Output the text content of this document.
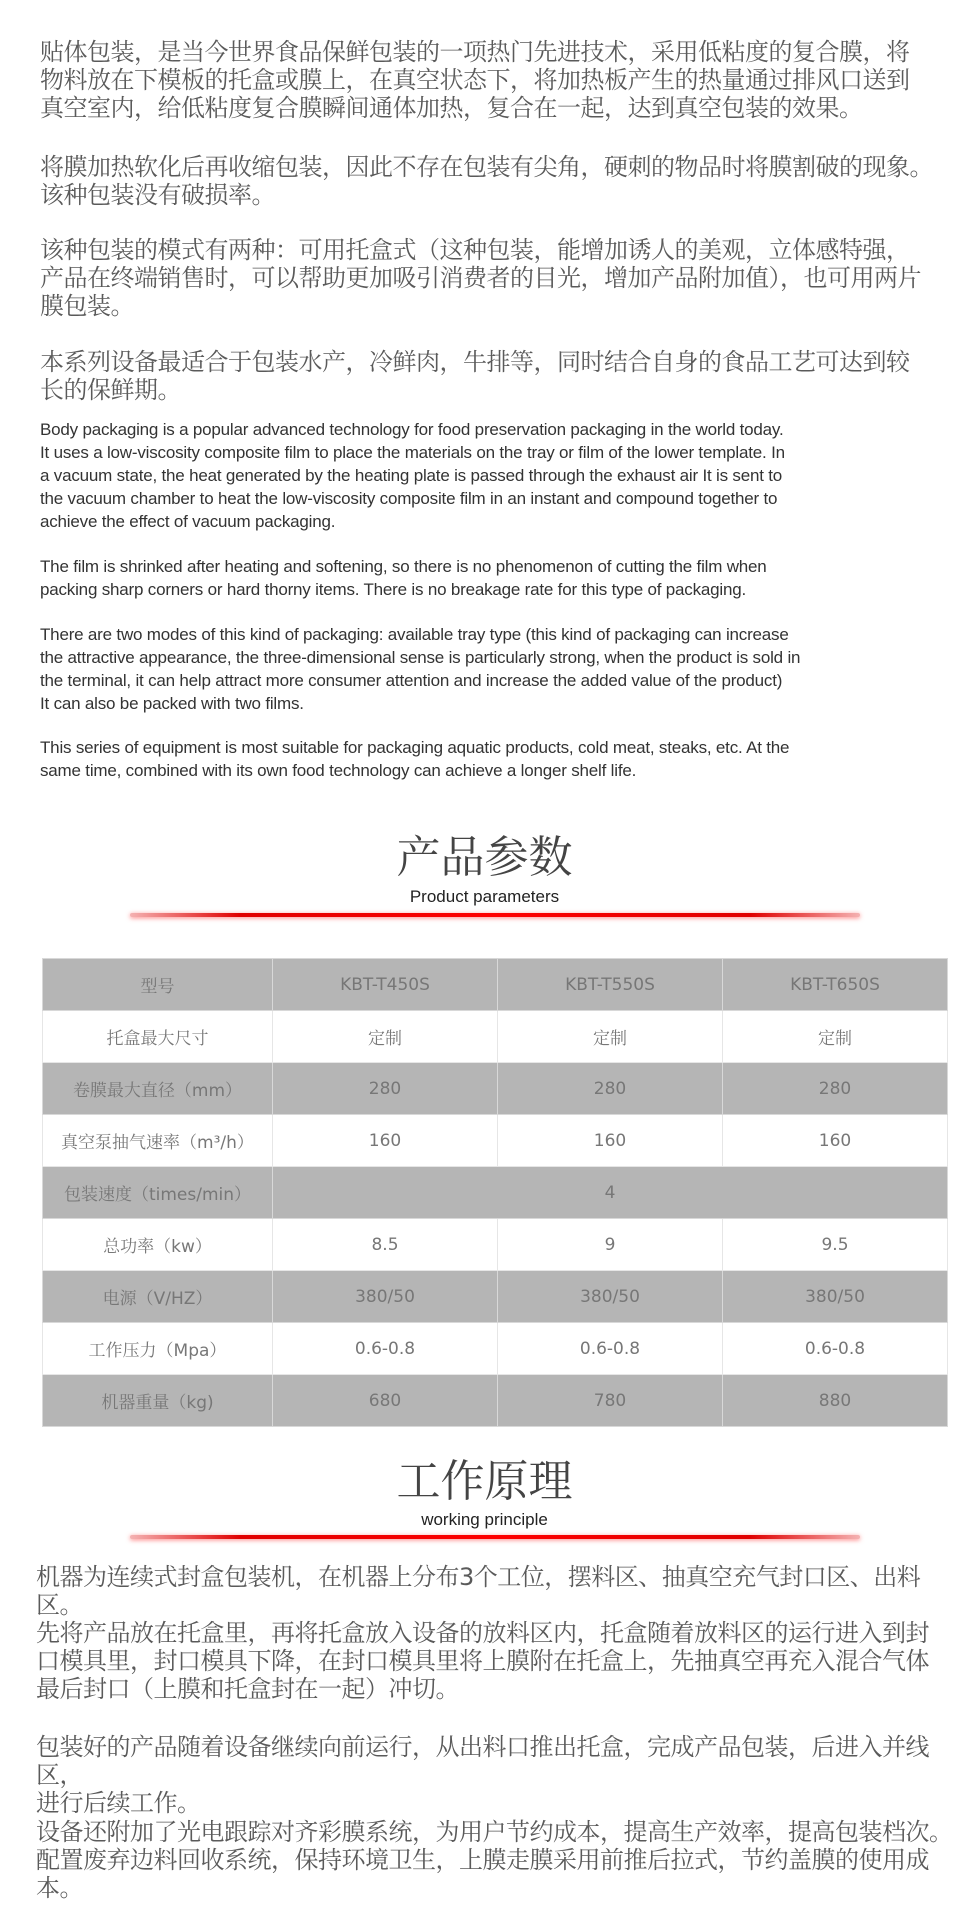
贴体包装，是当今世界食品保鲜包装的一项热门先进技术，采用低粘度的复合膜，将
物料放在下模板的托盒或膜上，在真空状态下，将加热板产生的热量通过排风口送到
真空室内，给低粘度复合膜瞬间通体加热，复合在一起，达到真空包装的效果。
将膜加热软化后再收缩包装，因此不存在包装有尖角，硬刺的物品时将膜割破的现象。
该种包装没有破损率。
该种包装的模式有两种：可用托盒式（这种包装，能增加诱人的美观，立体感特强，
产品在终端销售时，可以帮助更加吸引消费者的目光，增加产品附加值），也可用两片
膜包装。
本系列设备最适合于包装水产，冷鲜肉，牛排等，同时结合自身的食品工艺可达到较
长的保鲜期。
Body packaging is a popular advanced technology for food preservation packaging in the world today.
It uses a low-viscosity composite film to place the materials on the tray or film of the lower template. In
a vacuum state, the heat generated by the heating plate is passed through the exhaust air It is sent to
the vacuum chamber to heat the low-viscosity composite film in an instant and compound together to
achieve the effect of vacuum packaging.
The film is shrinked after heating and softening, so there is no phenomenon of cutting the film when
packing sharp corners or hard thorny items. There is no breakage rate for this type of packaging.
There are two modes of this kind of packaging: available tray type (this kind of packaging can increase
the attractive appearance, the three-dimensional sense is particularly strong, when the product is sold in
the terminal, it can help attract more consumer attention and increase the added value of the product)
It can also be packed with two films.
This series of equipment is most suitable for packaging aquatic products, cold meat, steaks, etc. At the
same time, combined with its own food technology can achieve a longer shelf life.
产品参数
Product parameters
型号	KBT-T450S	KBT-T550S	KBT-T650S
托盒最大尺寸	定制	定制	定制
卷膜最大直径（mm）	280	280	280
真空泵抽气速率（m³/h）	160	160	160
包装速度（times/min）	4		
总功率（kw）	8.5	9	9.5
电源（V/HZ）	380/50	380/50	380/50
工作压力（Mpa）	0.6-0.8	0.6-0.8	0.6-0.8
机器重量（kg)	680	780	880
工作原理
working principle
机器为连续式封盒包装机，在机器上分布3个工位，摆料区、抽真空充气封口区、出料区。
先将产品放在托盒里，再将托盒放入设备的放料区内，托盒随着放料区的运行进入到封
口模具里，封口模具下降，在封口模具里将上膜附在托盒上，先抽真空再充入混合气体
最后封口（上膜和托盒封在一起）冲切。
包装好的产品随着设备继续向前运行，从出料口推出托盒，完成产品包装，后进入并线区，
进行后续工作。
设备还附加了光电跟踪对齐彩膜系统，为用户节约成本，提高生产效率，提高包装档次。
配置废弃边料回收系统，保持环境卫生，上膜走膜采用前推后拉式，节约盖膜的使用成本。
